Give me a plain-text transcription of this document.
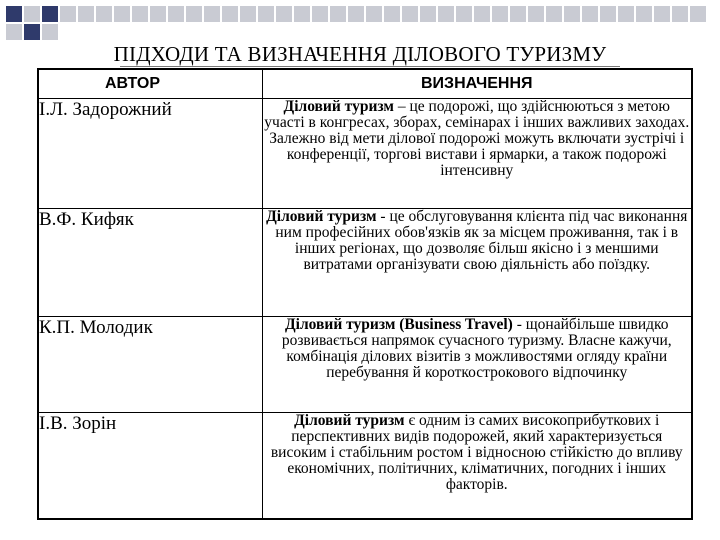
ПІДХОДИ ТА ВИЗНАЧЕННЯ ДІЛОВОГО ТУРИЗМУ
АВТОР	ВИЗНАЧЕННЯ
І.Л. Задорожний	Діловий туризм – це подорожі, що здійснюються з метою участі в конгресах, зборах, семінарах і інших важливих заходах. Залежно від мети ділової подорожі можуть включати зустрічі і конференції, торгові вистави і ярмарки, а також подорожі інтенсивну
В.Ф. Кифяк	Діловий туризм - це обслуговування клієнта під час виконання ним професійних обов'язків як за місцем проживання, так і в інших регіонах, що дозволяє більш якісно і з меншими витратами організувати свою діяльність або поїздку.
К.П. Молодик	Діловий туризм (Business Travel) - щонайбільше швидко розвивається напрямок сучасного туризму. Власне кажучи, комбінація ділових візитів з можливостями огляду країни перебування й короткострокового відпочинку
І.В. Зорін	Діловий туризм є одним із самих високоприбуткових і перспективних видів подорожей, який характеризується високим і стабільним ростом і відносною стійкістю до впливу економічних, політичних, кліматичних, погодних і інших факторів.
